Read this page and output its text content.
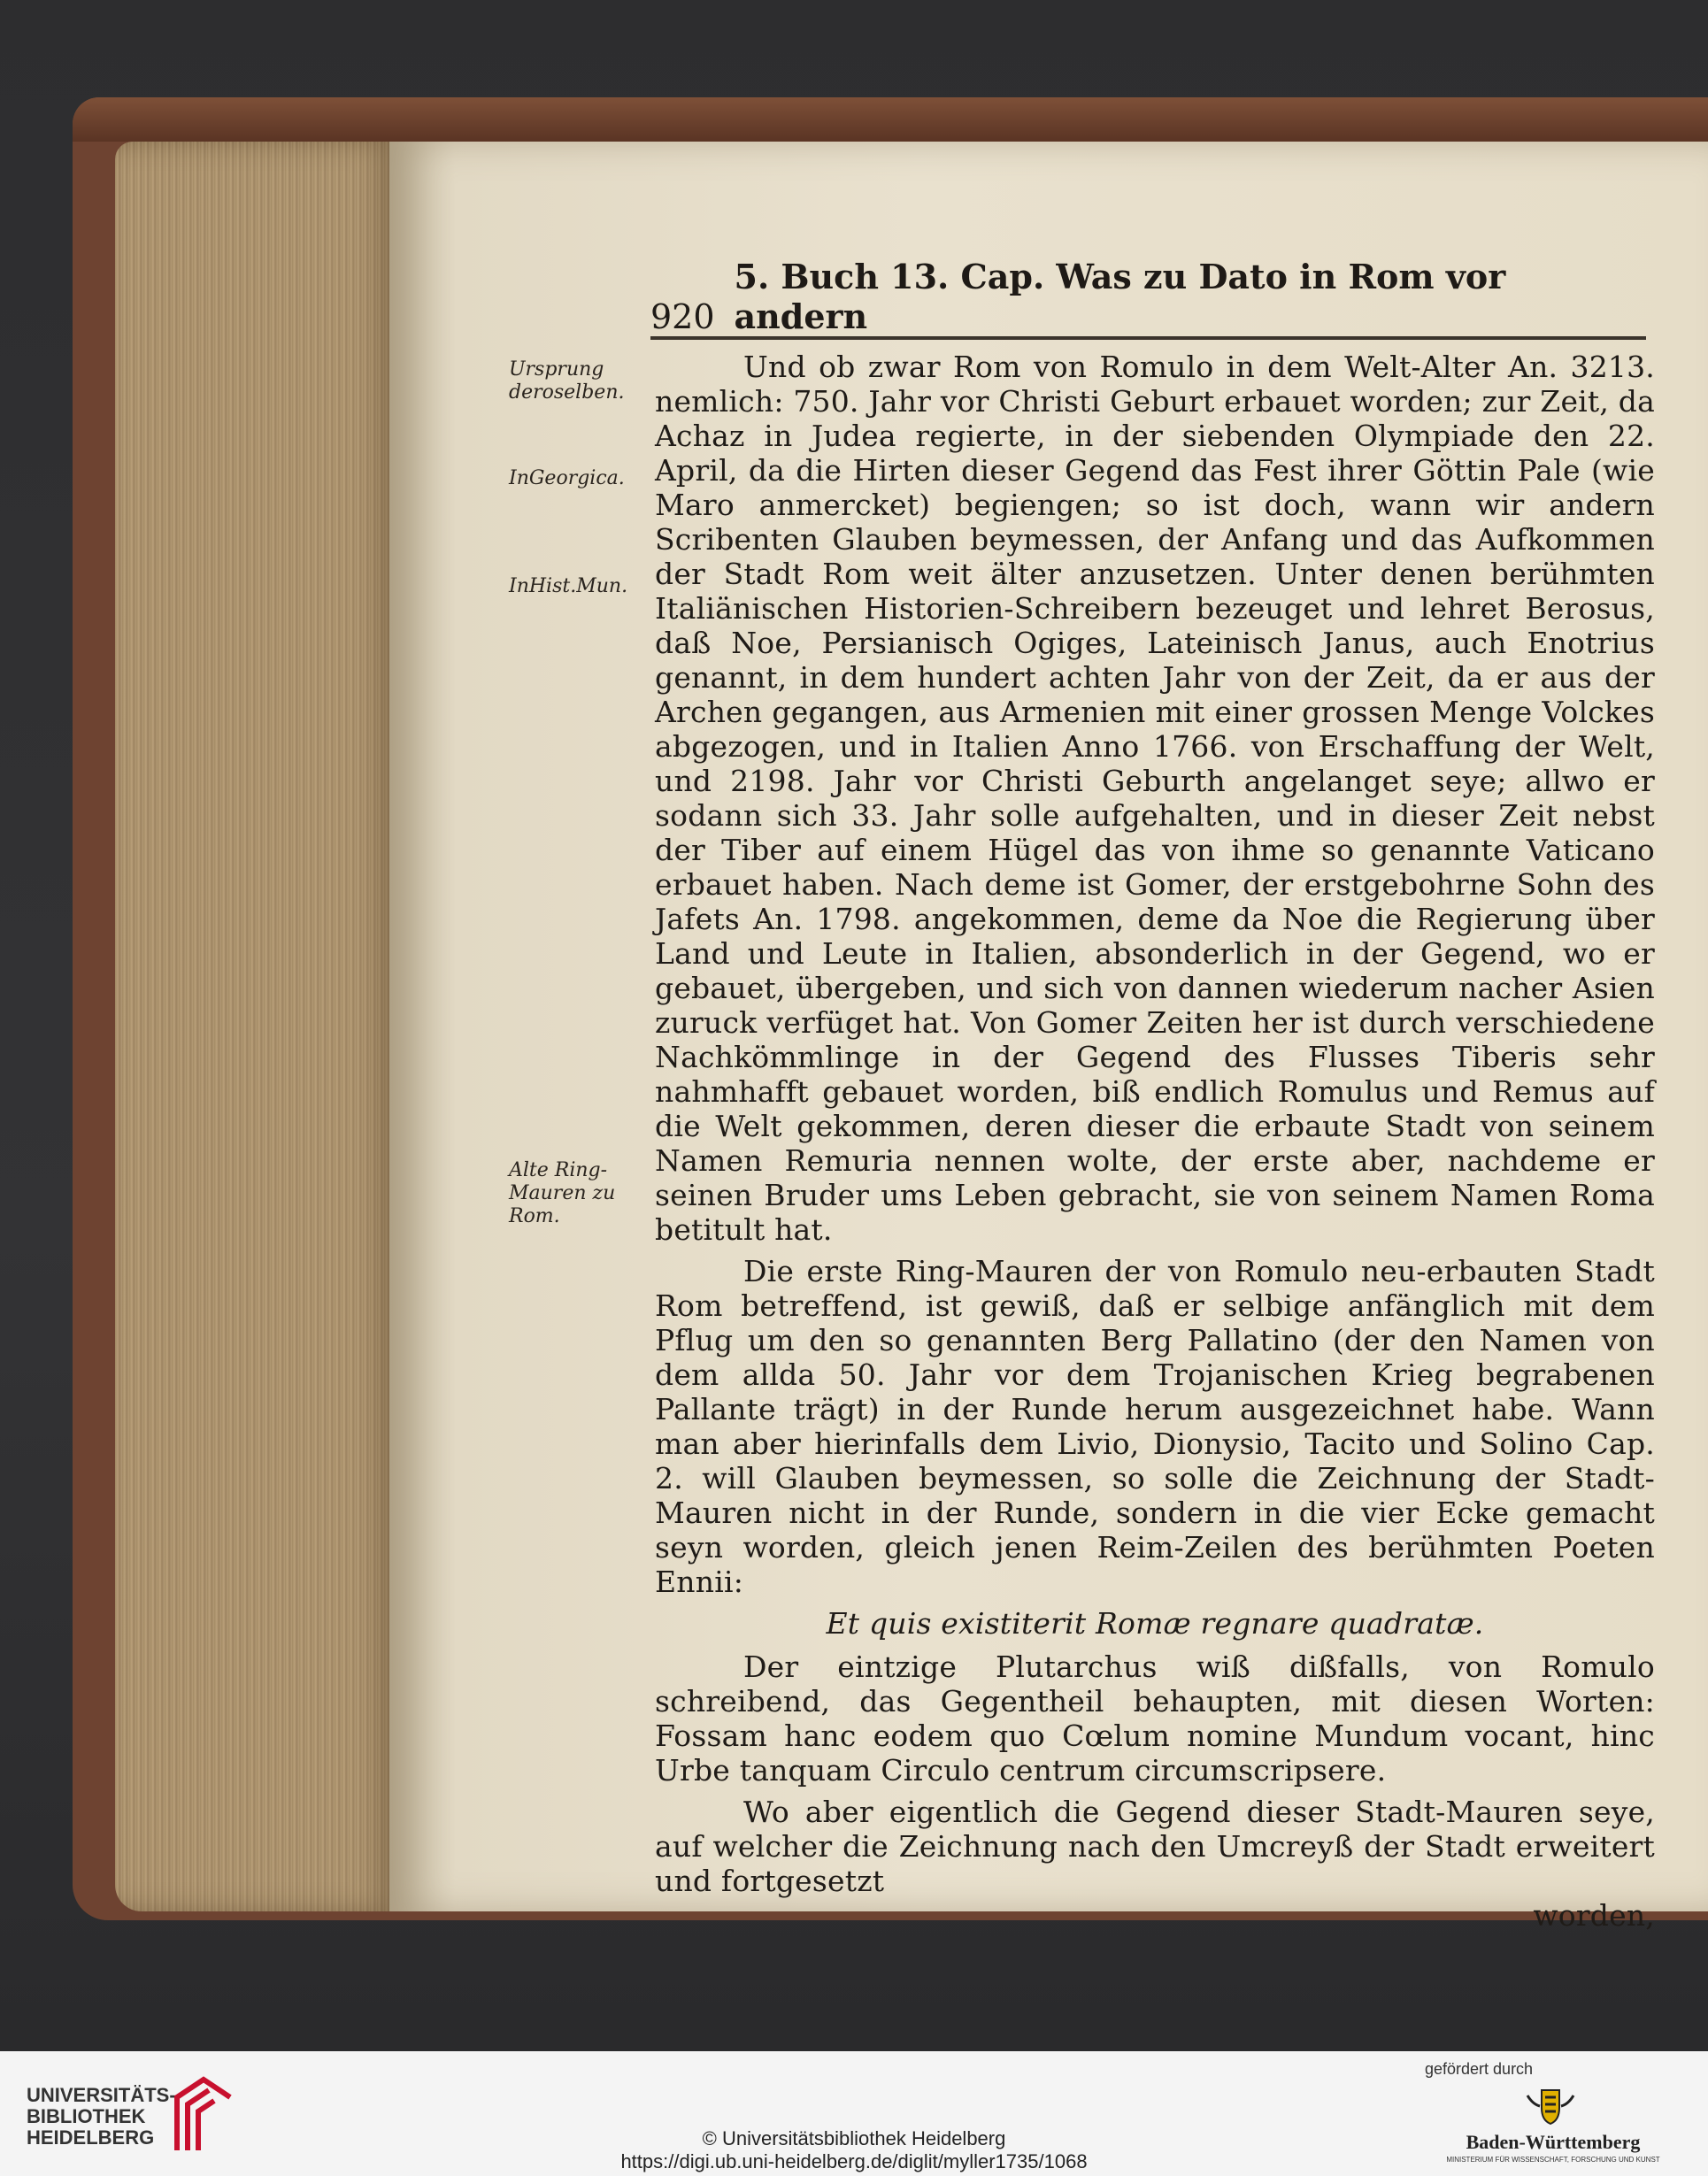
920
5. Buch 13. Cap. Was zu Dato in Rom vor andern
Ursprung deroselben.
InGeorgica.
InHist.Mun.
Alte Ring-Mauren zu Rom.

Und ob zwar Rom von Romulo in dem Welt-Alter An. 3213. nemlich: 750. Jahr vor Christi Geburt erbauet worden; zur Zeit, da Achaz in Judea regierte, in der siebenden Olympiade den 22. April, da die Hirten dieser Gegend das Fest ihrer Göttin Pale (wie Maro anmercket) begiengen; so ist doch, wann wir andern Scribenten Glauben beymessen, der Anfang und das Aufkommen der Stadt Rom weit älter anzusetzen. Unter denen berühmten Italiänischen Historien-Schreibern bezeuget und lehret Berosus, daß Noe, Persianisch Ogiges, Lateinisch Janus, auch Enotrius genannt, in dem hundert achten Jahr von der Zeit, da er aus der Archen gegangen, aus Armenien mit einer grossen Menge Volckes abgezogen, und in Italien Anno 1766. von Erschaffung der Welt, und 2198. Jahr vor Christi Geburth angelanget seye; allwo er sodann sich 33. Jahr solle aufgehalten, und in dieser Zeit nebst der Tiber auf einem Hügel das von ihme so genannte Vaticano erbauet haben. Nach deme ist Gomer, der erstgebohrne Sohn des Jafets An. 1798. angekommen, deme da Noe die Regierung über Land und Leute in Italien, absonderlich in der Gegend, wo er gebauet, übergeben, und sich von dannen wiederum nacher Asien zuruck verfüget hat. Von Gomer Zeiten her ist durch verschiedene Nachkömmlinge in der Gegend des Flusses Tiberis sehr nahmhafft gebauet worden, biß endlich Romulus und Remus auf die Welt gekommen, deren dieser die erbaute Stadt von seinem Namen Remuria nennen wolte, der erste aber, nachdeme er seinen Bruder ums Leben gebracht, sie von seinem Namen Roma betitult hat.

Die erste Ring-Mauren der von Romulo neu-erbauten Stadt Rom betreffend, ist gewiß, daß er selbige anfänglich mit dem Pflug um den so genannten Berg Pallatino (der den Namen von dem allda 50. Jahr vor dem Trojanischen Krieg begrabenen Pallante trägt) in der Runde herum ausgezeichnet habe. Wann man aber hierinfalls dem Livio, Dionysio, Tacito und Solino Cap. 2. will Glauben beymessen, so solle die Zeichnung der Stadt-Mauren nicht in der Runde, sondern in die vier Ecke gemacht seyn worden, gleich jenen Reim-Zeilen des berühmten Poeten Ennii:

Et quis existiterit Romæ regnare quadratæ.

Der eintzige Plutarchus wiß dißfalls, von Romulo schreibend, das Gegentheil behaupten, mit diesen Worten: Fossam hanc eodem quo Cœlum nomine Mundum vocant, hinc Urbe tanquam Circulo centrum circumscripsere.

Wo aber eigentlich die Gegend dieser Stadt-Mauren seye, auf welcher die Zeichnung nach den Umcreyß der Stadt erweitert und fortgesetzt

worden,

UNIVERSITÄTS-BIBLIOTHEK HEIDELBERG	© Universitätsbibliothek Heidelberg
https://digi.ub.uni-heidelberg.de/diglit/myller1735/1068
gefördert durch
Baden-Württemberg
MINISTERIUM FÜR WISSENSCHAFT, FORSCHUNG UND KUNST
